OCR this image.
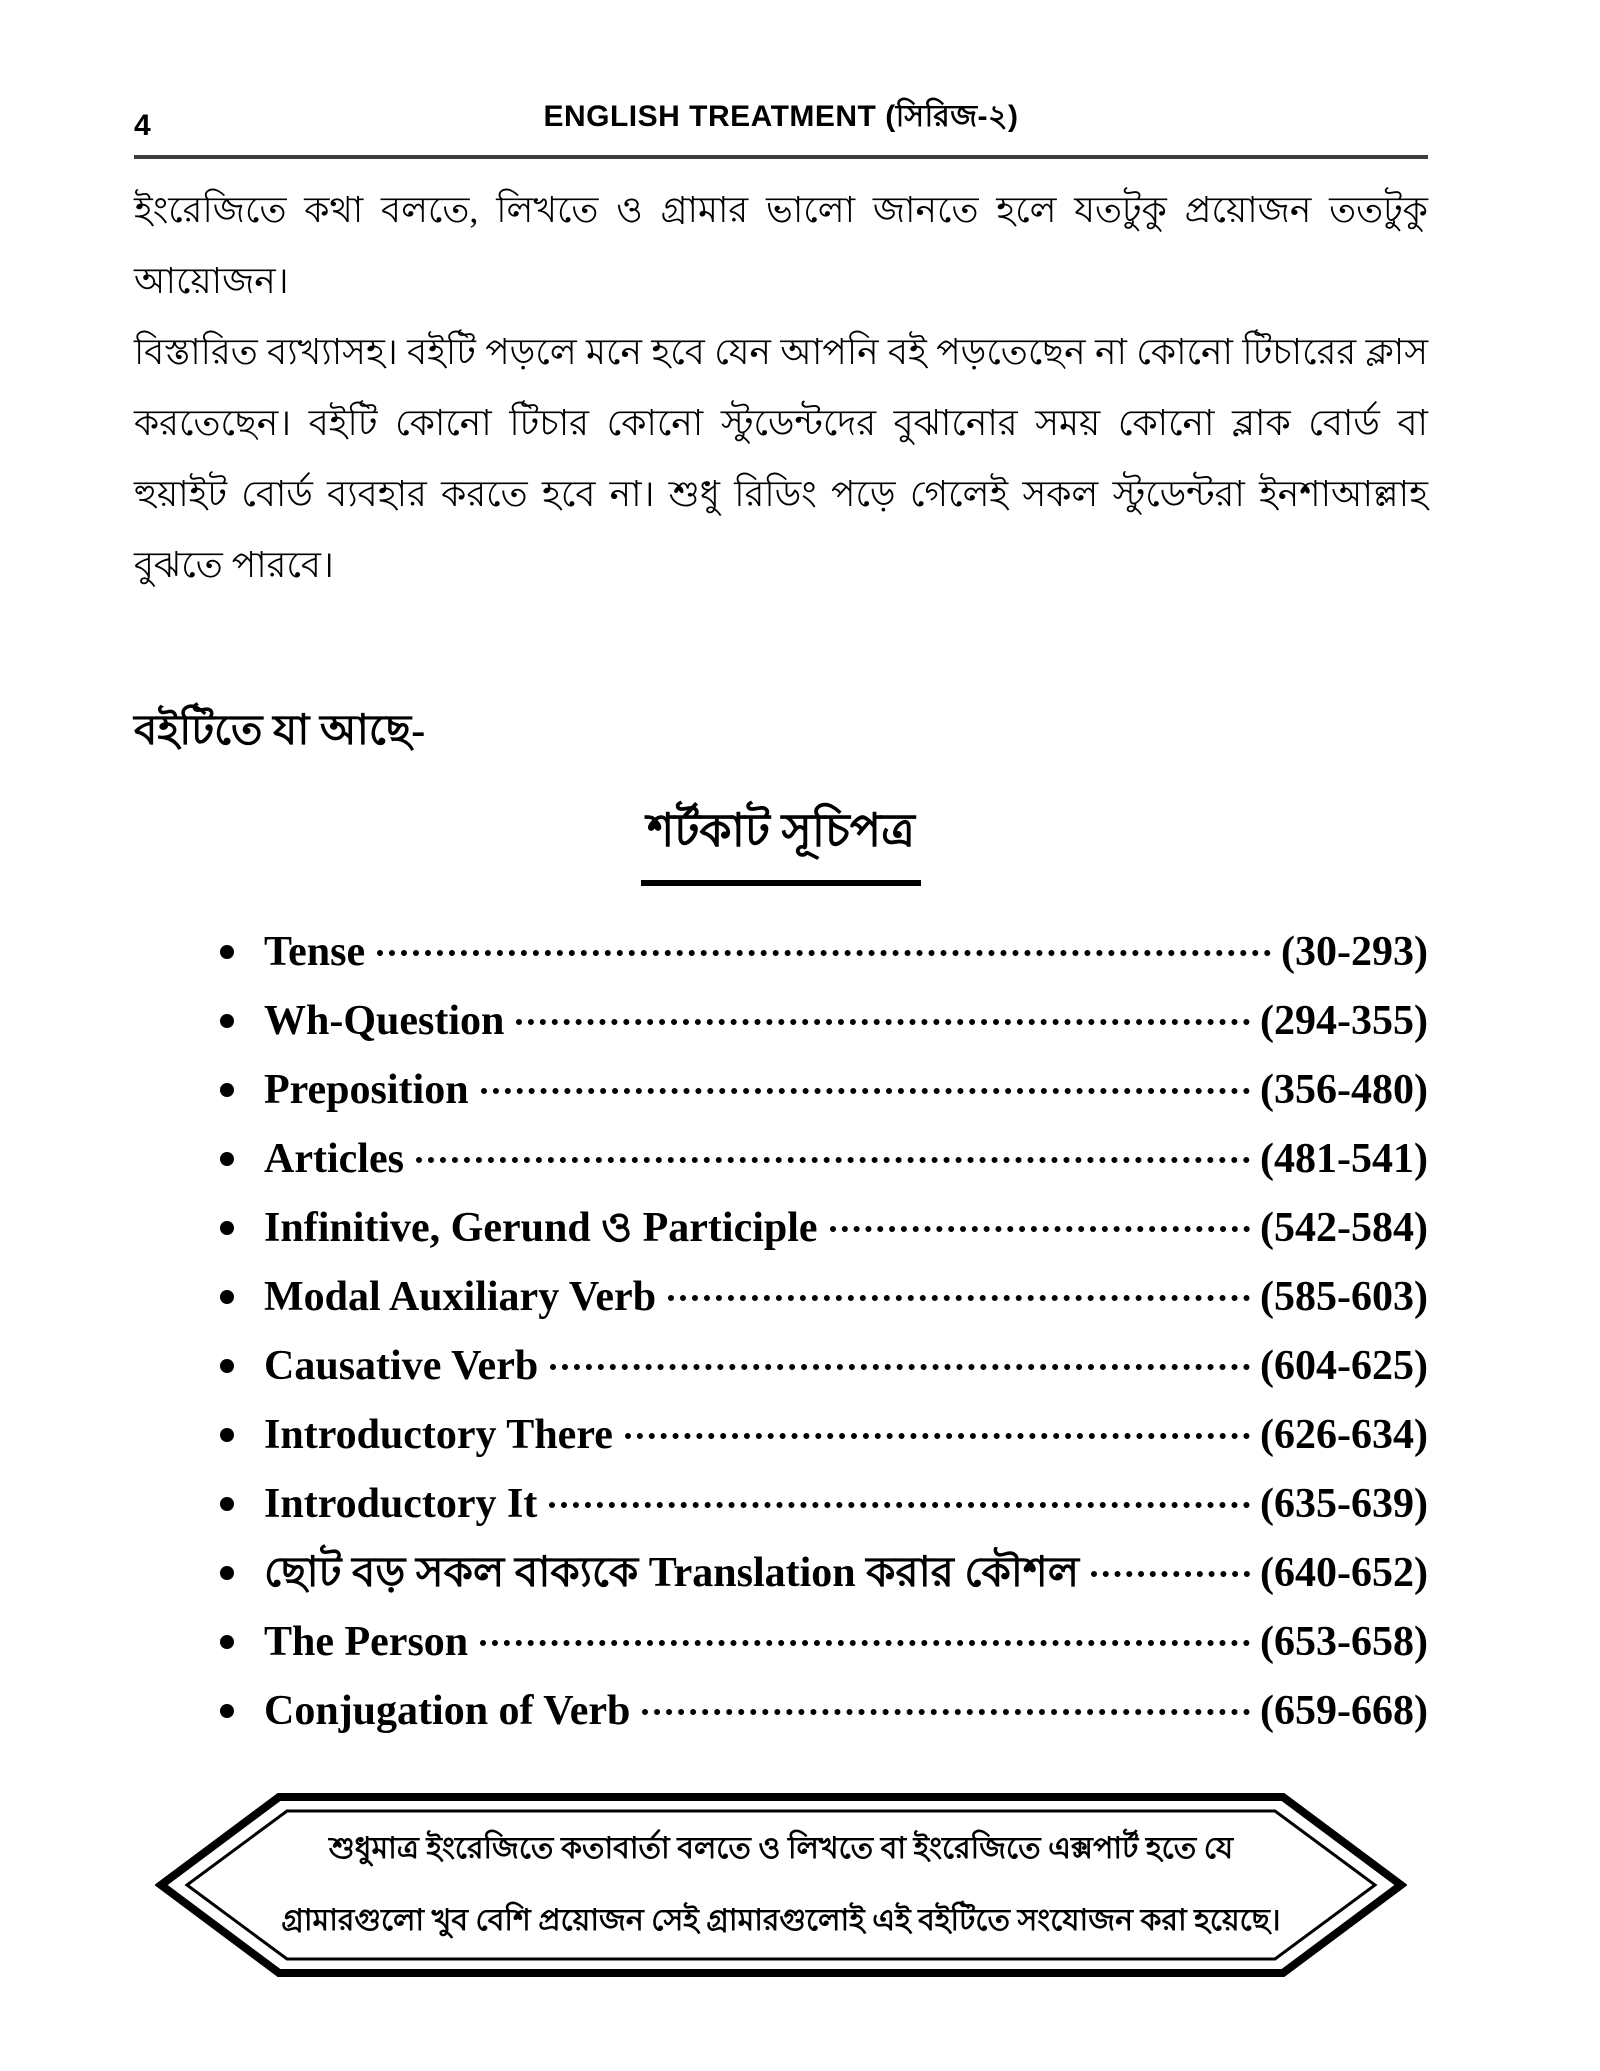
4	ENGLISH TREATMENT (সিরিজ-২)

ইংরেজিতে কথা বলতে, লিখতে ও গ্রামার ভালো জানতে হলে যতটুকু প্রয়োজন ততটুকু আয়োজন।

বিস্তারিত ব্যখ্যাসহ। বইটি পড়লে মনে হবে যেন আপনি বই পড়তেছেন না কোনো টিচারের ক্লাস করতেছেন। বইটি কোনো টিচার কোনো স্টুডেন্টদের বুঝানোর সময় কোনো ব্লাক বোর্ড বা হুয়াইট বোর্ড ব্যবহার করতে হবে না। শুধু রিডিং পড়ে গেলেই সকল স্টুডেন্টরা ইনশাআল্লাহ বুঝতে পারবে।

বইটিতে যা আছে-
শর্টকাট সূচিপত্র
Tense	(30-293)
Wh-Question	(294-355)
Preposition	(356-480)
Articles	(481-541)
Infinitive, Gerund ও Participle	(542-584)
Modal Auxiliary Verb	(585-603)
Causative Verb	(604-625)
Introductory There	(626-634)
Introductory It	(635-639)
ছোট বড় সকল বাক্যকে Translation করার কৌশল	(640-652)
The Person	(653-658)
Conjugation of Verb	(659-668)
শুধুমাত্র ইংরেজিতে কতাবার্তা বলতে ও লিখতে বা ইংরেজিতে এক্সপার্ট হতে যে
গ্রামারগুলো খুব বেশি প্রয়োজন সেই গ্রামারগুলোই এই বইটিতে সংযোজন করা হয়েছে।
